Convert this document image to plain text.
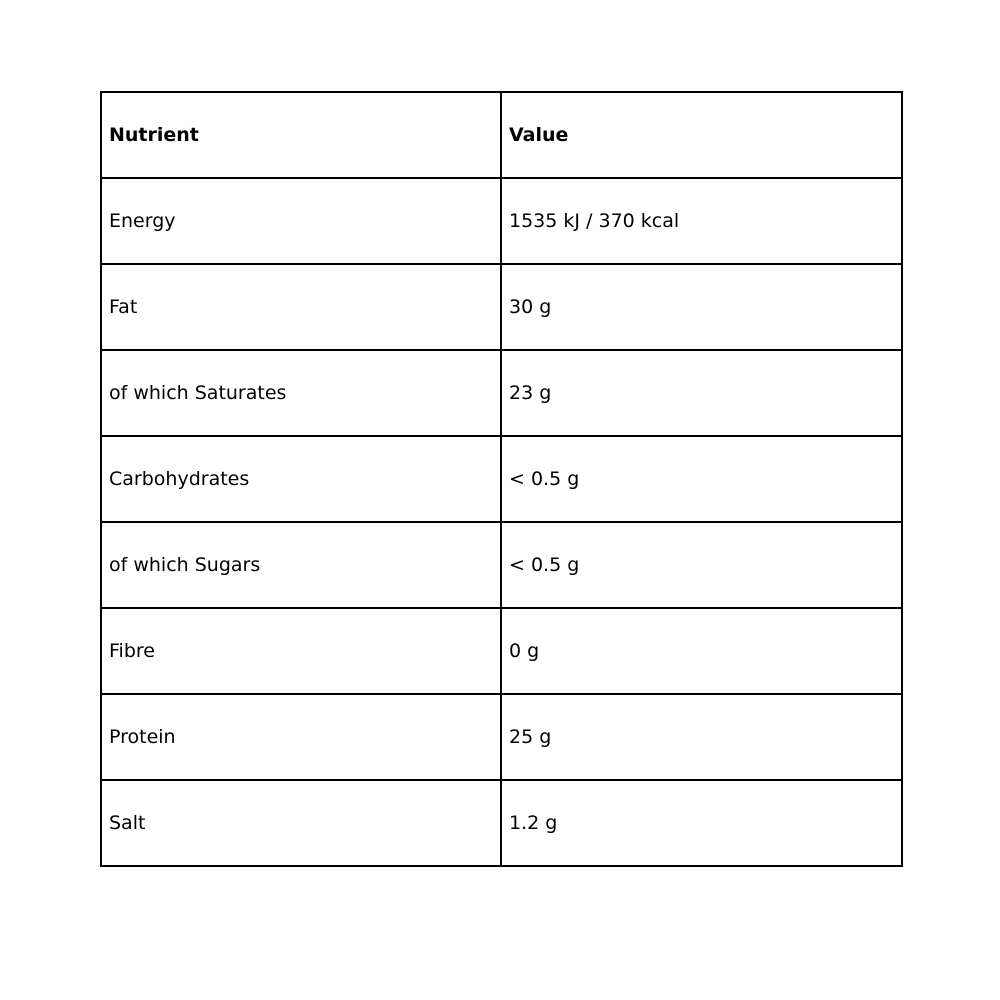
Nutrient	Value
Energy	1535 kJ / 370 kcal
Fat	30 g
of which Saturates	23 g
Carbohydrates	< 0.5 g
of which Sugars	< 0.5 g
Fibre	0 g
Protein	25 g
Salt	1.2 g
